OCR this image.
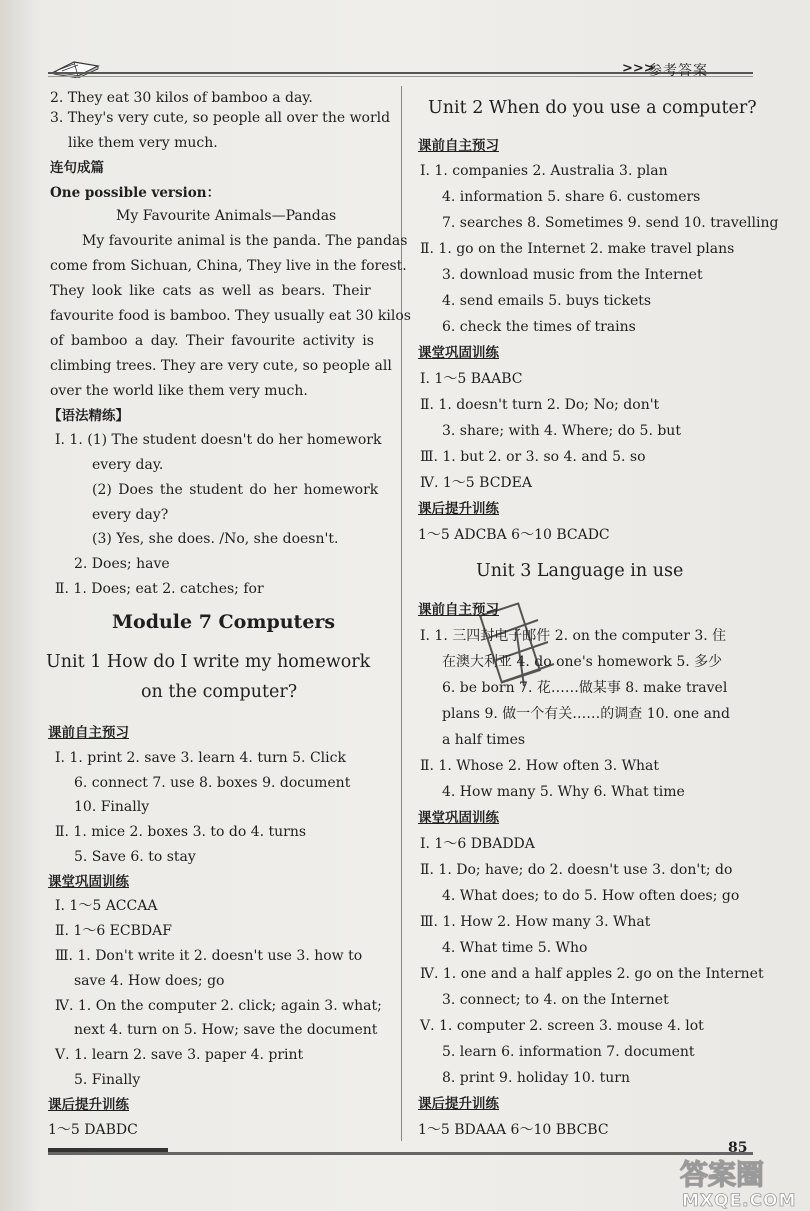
>>>
参考答案
2. They eat 30 kilos of bamboo a day.
3. They's very cute, so people all over the world
like them very much.
连句成篇
One possible version：
My Favourite Animals—Pandas
My favourite animal is the panda. The pandas
come from Sichuan, China, They live in the forest.
They look like cats as well as bears. Their
favourite food is bamboo. They usually eat 30 kilos
of bamboo a day. Their favourite activity is
climbing trees. They are very cute, so people all
over the world like them very much.
【语法精练】
Ⅰ. 1. (1) The student doesn't do her homework
every day.
(2) Does the student do her homework
every day?
(3) Yes, she does. /No, she doesn't.
2. Does; have
Ⅱ. 1. Does; eat 2. catches; for
Module 7 Computers
Unit 1 How do I write my homework
on the computer?
课前自主预习
Ⅰ. 1. print 2. save 3. learn 4. turn 5. Click
6. connect 7. use 8. boxes 9. document
10. Finally
Ⅱ. 1. mice 2. boxes 3. to do 4. turns
5. Save 6. to stay
课堂巩固训练
Ⅰ. 1～5 ACCAA
Ⅱ. 1～6 ECBDAF
Ⅲ. 1. Don't write it 2. doesn't use 3. how to
save 4. How does; go
Ⅳ. 1. On the computer 2. click; again 3. what;
next 4. turn on 5. How; save the document
Ⅴ. 1. learn 2. save 3. paper 4. print
5. Finally
课后提升训练
1～5 DABDC
Unit 2 When do you use a computer?
课前自主预习
Ⅰ. 1. companies 2. Australia 3. plan
4. information 5. share 6. customers
7. searches 8. Sometimes 9. send 10. travelling
Ⅱ. 1. go on the Internet 2. make travel plans
3. download music from the Internet
4. send emails 5. buys tickets
6. check the times of trains
课堂巩固训练
Ⅰ. 1～5 BAABC
Ⅱ. 1. doesn't turn 2. Do; No; don't
3. share; with 4. Where; do 5. but
Ⅲ. 1. but 2. or 3. so 4. and 5. so
Ⅳ. 1～5 BCDEA
课后提升训练
1～5 ADCBA 6～10 BCADC
Unit 3 Language in use
课前自主预习
Ⅰ. 1. 三四封电子邮件 2. on the computer 3. 住
在澳大利亚 4. do one's homework 5. 多少
6. be born 7. 花……做某事 8. make travel
plans 9. 做一个有关……的调查 10. one and
a half times
Ⅱ. 1. Whose 2. How often 3. What
4. How many 5. Why 6. What time
课堂巩固训练
Ⅰ. 1～6 DBADDA
Ⅱ. 1. Do; have; do 2. doesn't use 3. don't; do
4. What does; to do 5. How often does; go
Ⅲ. 1. How 2. How many 3. What
4. What time 5. Who
Ⅳ. 1. one and a half apples 2. go on the Internet
3. connect; to 4. on the Internet
Ⅴ. 1. computer 2. screen 3. mouse 4. lot
5. learn 6. information 7. document
8. print 9. holiday 10. turn
课后提升训练
1～5 BDAAA 6～10 BBCBC
85
答案圈
MXQE.COM
